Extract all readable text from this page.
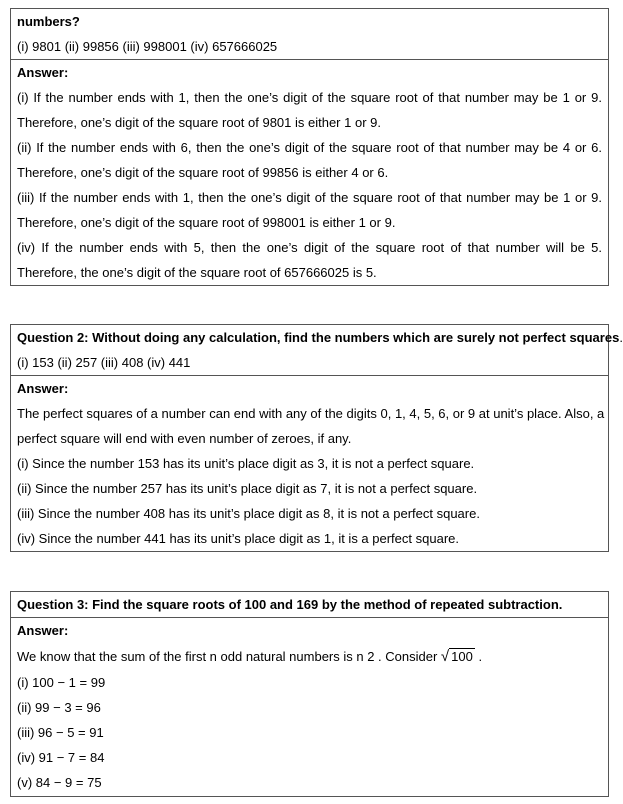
numbers?
(i) 9801 (ii) 99856 (iii) 998001 (iv) 657666025
Answer:
(i) If the number ends with 1, then the one’s digit of the square root of that number may be 1 or 9.
Therefore, one’s digit of the square root of 9801 is either 1 or 9.
(ii) If the number ends with 6, then the one’s digit of the square root of that number may be 4 or 6.
Therefore, one’s digit of the square root of 99856 is either 4 or 6.
(iii) If the number ends with 1, then the one’s digit of the square root of that number may be 1 or 9.
Therefore, one’s digit of the square root of 998001 is either 1 or 9.
(iv) If the number ends with 5, then the one’s digit of the square root of that number will be 5.
Therefore, the one’s digit of the square root of 657666025 is 5.
Question 2: Without doing any calculation, find the numbers which are surely not perfect squares.
(i) 153 (ii) 257 (iii) 408 (iv) 441
Answer:
The perfect squares of a number can end with any of the digits 0, 1, 4, 5, 6, or 9 at unit’s place. Also, a
perfect square will end with even number of zeroes, if any.
(i) Since the number 153 has its unit’s place digit as 3, it is not a perfect square.
(ii) Since the number 257 has its unit’s place digit as 7, it is not a perfect square.
(iii) Since the number 408 has its unit’s place digit as 8, it is not a perfect square.
(iv) Since the number 441 has its unit’s place digit as 1, it is a perfect square.
Question 3: Find the square roots of 100 and 169 by the method of repeated subtraction.
Answer:
We know that the sum of the first n odd natural numbers is n 2 . Consider √ 100 .
(i) 100 − 1 = 99
(ii) 99 − 3 = 96
(iii) 96 − 5 = 91
(iv) 91 − 7 = 84
(v) 84 − 9 = 75
